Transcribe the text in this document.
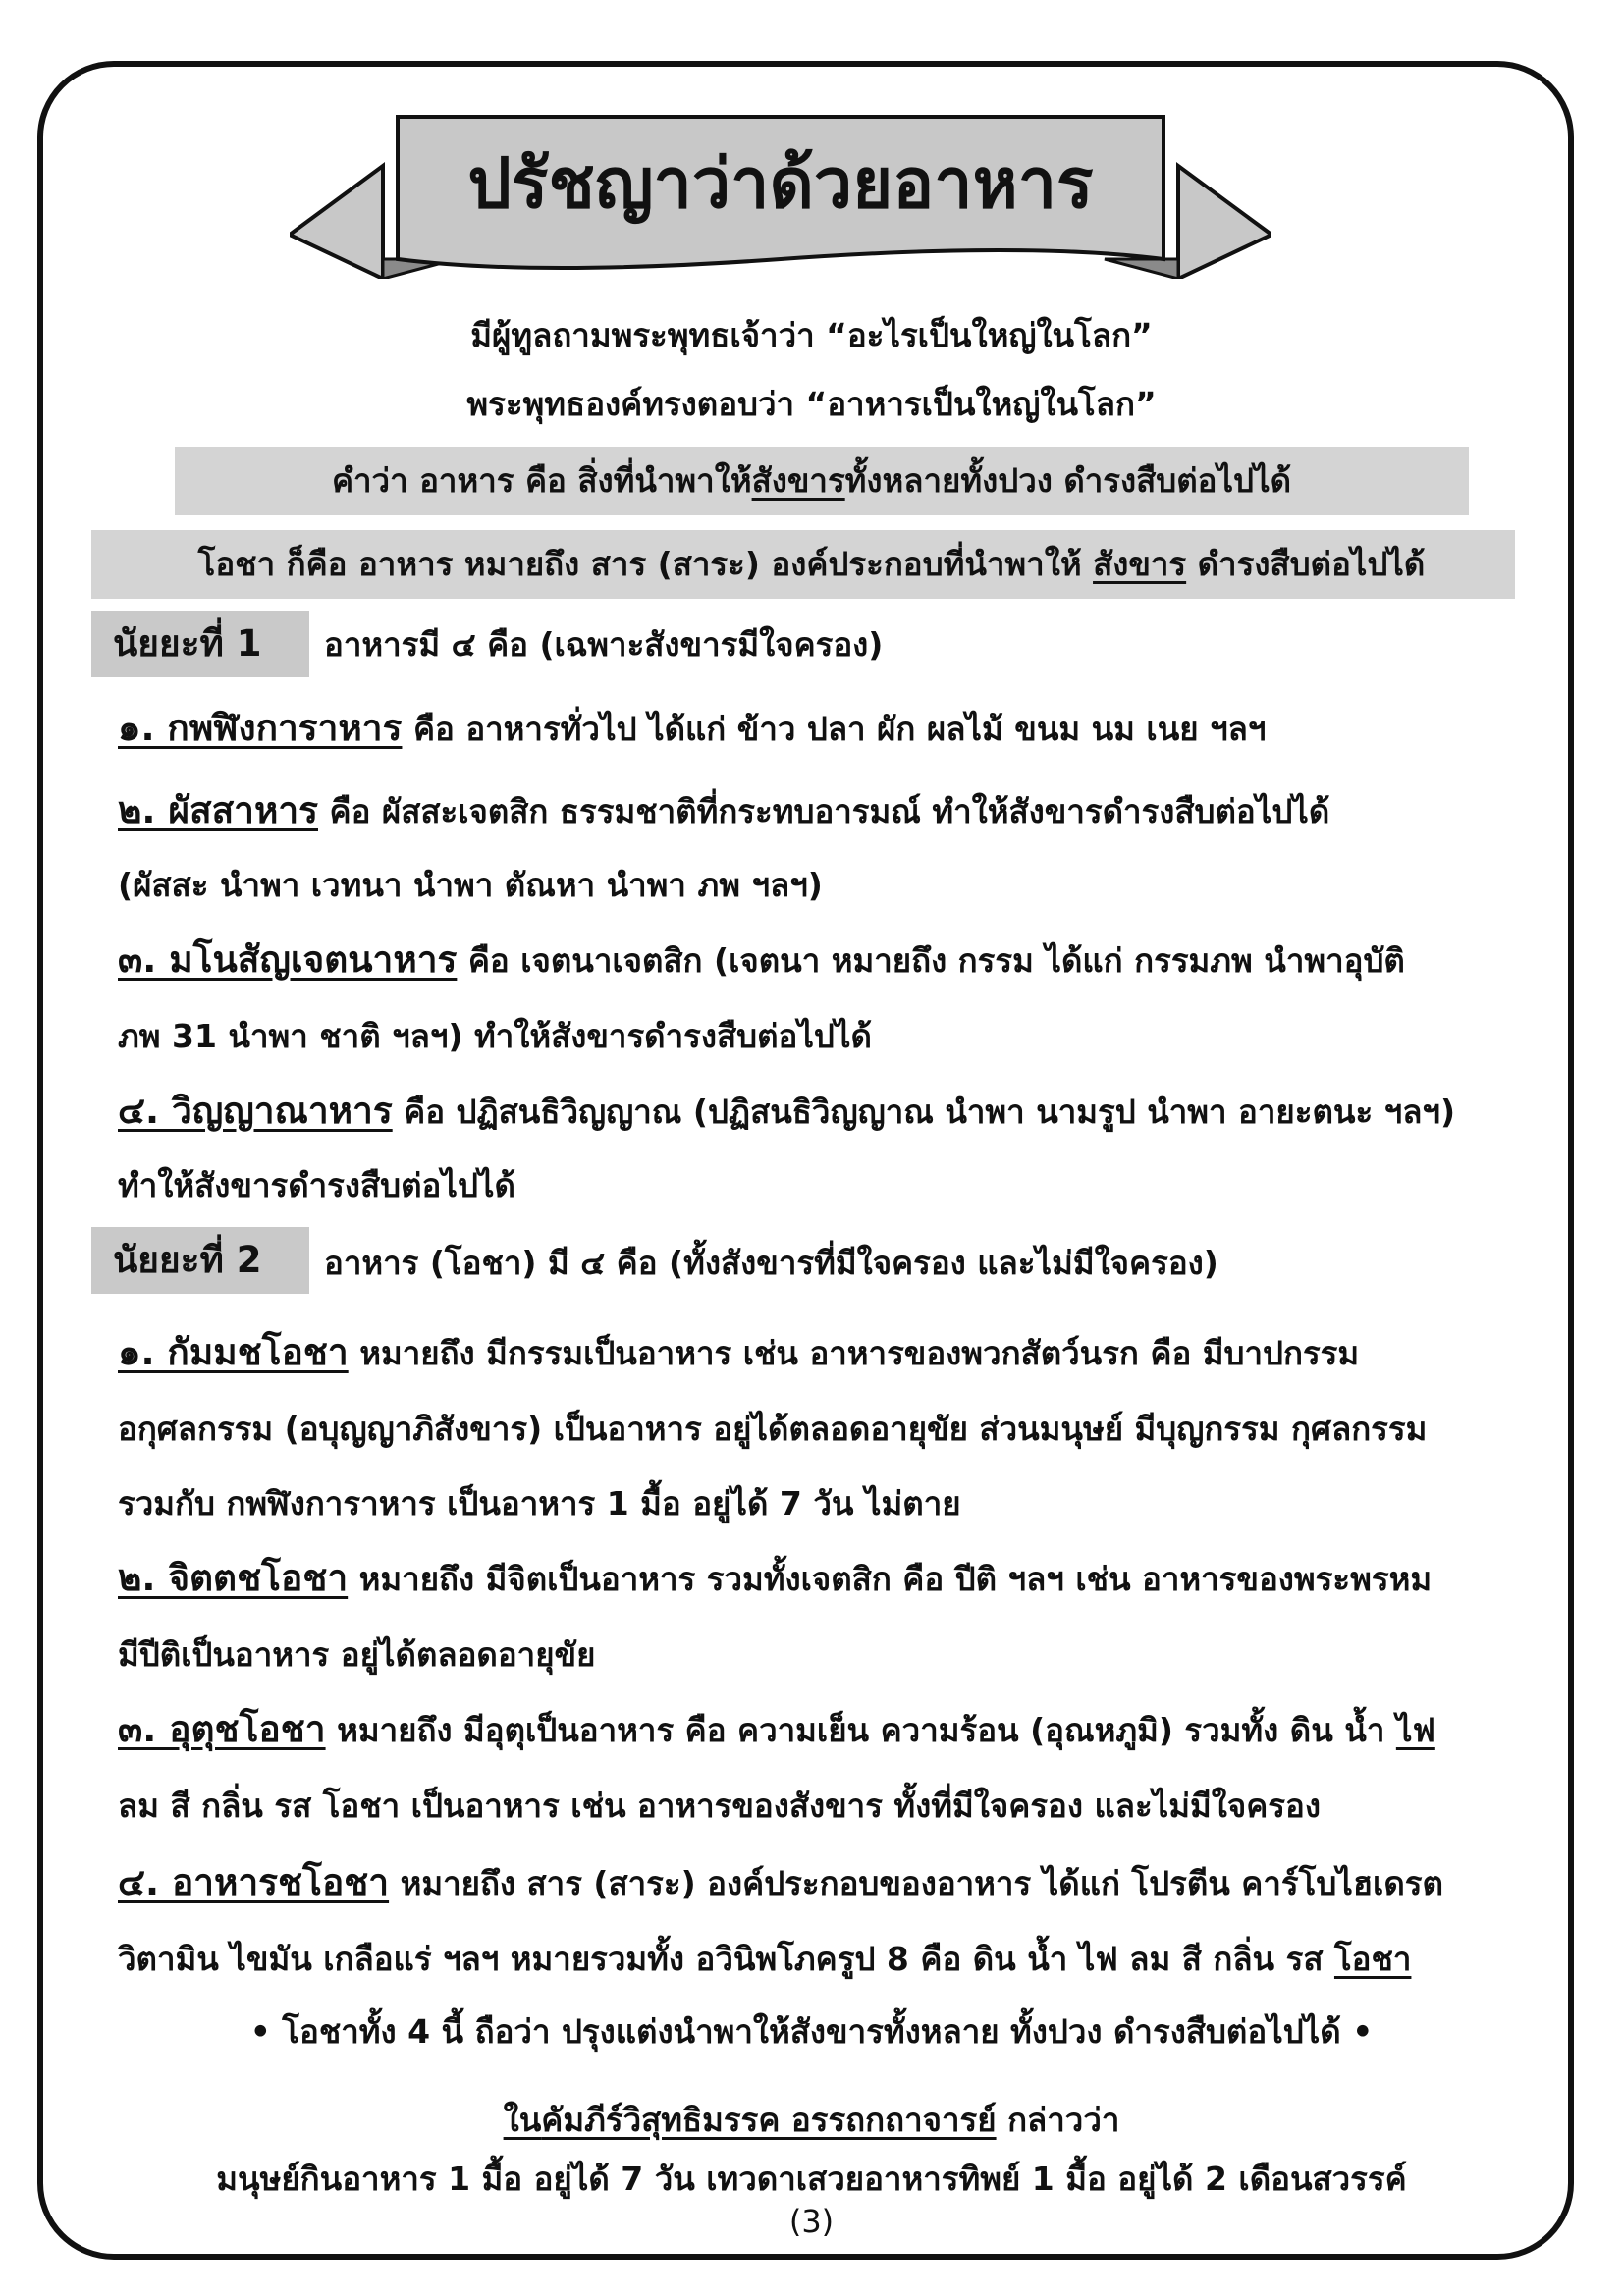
ปรัชญาว่าด้วยอาหาร
มีผู้ทูลถามพระพุทธเจ้าว่า “อะไรเป็นใหญ่ในโลก”
พระพุทธองค์ทรงตอบว่า “อาหารเป็นใหญ่ในโลก”
คำว่า อาหาร คือ สิ่งที่นำพาให้สังขารทั้งหลายทั้งปวง ดำรงสืบต่อไปได้
โอชา ก็คือ อาหาร หมายถึง สาร (สาระ) องค์ประกอบที่นำพาให้ สังขาร ดำรงสืบต่อไปได้
นัยยะที่ 1	อาหารมี ๔ คือ (เฉพาะสังขารมีใจครอง)
๑. กพฬิงการาหาร คือ อาหารทั่วไป ได้แก่ ข้าว ปลา ผัก ผลไม้ ขนม นม เนย ฯลฯ
๒. ผัสสาหาร คือ ผัสสะเจตสิก ธรรมชาติที่กระทบอารมณ์ ทำให้สังขารดำรงสืบต่อไปได้
(ผัสสะ นำพา เวทนา นำพา ตัณหา นำพา ภพ ฯลฯ)
๓. มโนสัญเจตนาหาร คือ เจตนาเจตสิก (เจตนา หมายถึง กรรม ได้แก่ กรรมภพ นำพาอุบัติ
ภพ 31 นำพา ชาติ ฯลฯ) ทำให้สังขารดำรงสืบต่อไปได้
๔. วิญญาณาหาร คือ ปฏิสนธิวิญญาณ (ปฏิสนธิวิญญาณ นำพา นามรูป นำพา อายะตนะ ฯลฯ)
ทำให้สังขารดำรงสืบต่อไปได้
นัยยะที่ 2	อาหาร (โอชา) มี ๔ คือ (ทั้งสังขารที่มีใจครอง และไม่มีใจครอง)
๑. กัมมชโอชา หมายถึง มีกรรมเป็นอาหาร เช่น อาหารของพวกสัตว์นรก คือ มีบาปกรรม
อกุศลกรรม (อบุญญาภิสังขาร) เป็นอาหาร อยู่ได้ตลอดอายุขัย ส่วนมนุษย์ มีบุญกรรม กุศลกรรม
รวมกับ กพฬิงการาหาร เป็นอาหาร 1 มื้อ อยู่ได้ 7 วัน ไม่ตาย
๒. จิตตชโอชา หมายถึง มีจิตเป็นอาหาร รวมทั้งเจตสิก คือ ปีติ ฯลฯ เช่น อาหารของพระพรหม
มีปีติเป็นอาหาร อยู่ได้ตลอดอายุขัย
๓. อุตุชโอชา หมายถึง มีอุตุเป็นอาหาร คือ ความเย็น ความร้อน (อุณหภูมิ) รวมทั้ง ดิน น้ำ ไฟ
ลม สี กลิ่น รส โอชา เป็นอาหาร เช่น อาหารของสังขาร ทั้งที่มีใจครอง และไม่มีใจครอง
๔. อาหารชโอชา หมายถึง สาร (สาระ) องค์ประกอบของอาหาร ได้แก่ โปรตีน คาร์โบไฮเดรต
วิตามิน ไขมัน เกลือแร่ ฯลฯ หมายรวมทั้ง อวินิพโภครูป 8 คือ ดิน น้ำ ไฟ ลม สี กลิ่น รส โอชา
• โอชาทั้ง 4 นี้ ถือว่า ปรุงแต่งนำพาให้สังขารทั้งหลาย ทั้งปวง ดำรงสืบต่อไปได้ •
ในคัมภีร์วิสุทธิมรรค อรรถกถาจารย์ กล่าวว่า
มนุษย์กินอาหาร 1 มื้อ อยู่ได้ 7 วัน เทวดาเสวยอาหารทิพย์ 1 มื้อ อยู่ได้ 2 เดือนสวรรค์
(3)
